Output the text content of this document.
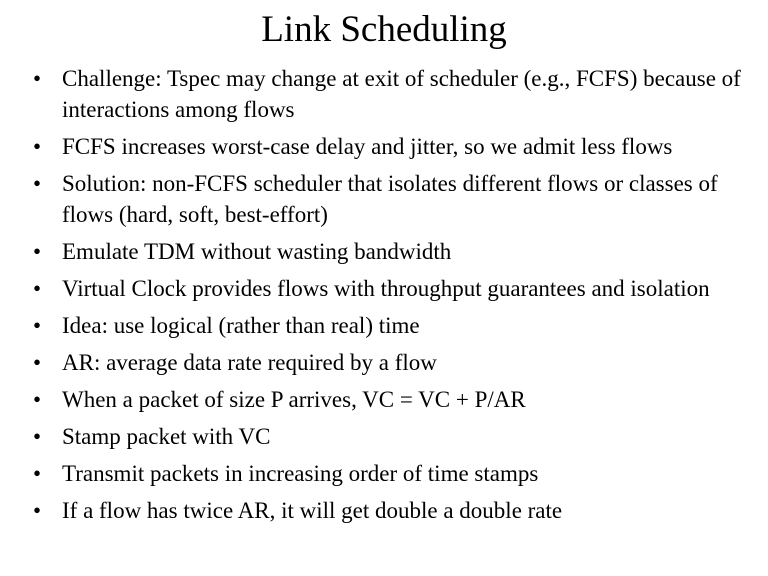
Link Scheduling
• Challenge: Tspec may change at exit of scheduler (e.g., FCFS) because of interactions among flows
• FCFS increases worst-case delay and jitter, so we admit less flows
• Solution: non-FCFS scheduler that isolates different flows or classes of flows (hard, soft, best-effort)
• Emulate TDM without wasting bandwidth
• Virtual Clock provides flows with throughput guarantees and isolation
• Idea: use logical (rather than real) time
• AR: average data rate required by a flow
• When a packet of size P arrives, VC = VC + P/AR
• Stamp packet with VC
• Transmit packets in increasing order of time stamps
• If a flow has twice AR, it will get double a double rate
